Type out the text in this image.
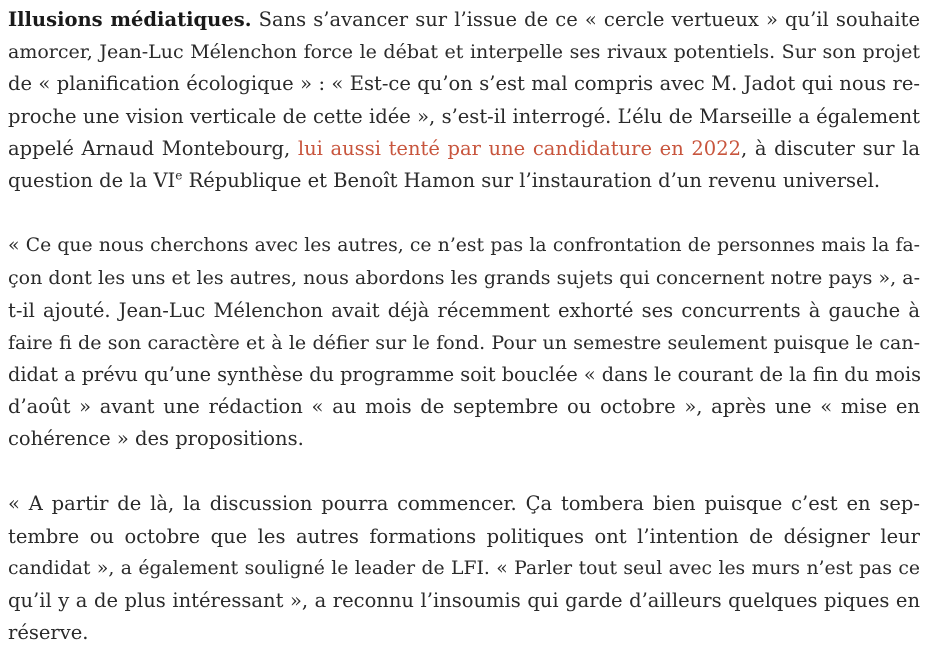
Illusions médiatiques. Sans s’avancer sur l’issue de ce « cercle vertueux » qu’il souhaite
amorcer, Jean-Luc Mélenchon force le débat et interpelle ses rivaux potentiels. Sur son projet
de « planification écologique » : « Est-ce qu’on s’est mal compris avec M. Jadot qui nous re-
proche une vision verticale de cette idée », s’est-il interrogé. L’élu de Marseille a également
appelé Arnaud Montebourg, lui aussi tenté par une candidature en 2022, à discuter sur la
question de la VIe République et Benoît Hamon sur l’instauration d’un revenu universel.

« Ce que nous cherchons avec les autres, ce n’est pas la confrontation de personnes mais la fa-
çon dont les uns et les autres, nous abordons les grands sujets qui concernent notre pays », a-
t-il ajouté. Jean-Luc Mélenchon avait déjà récemment exhorté ses concurrents à gauche à
faire fi de son caractère et à le défier sur le fond. Pour un semestre seulement puisque le can-
didat a prévu qu’une synthèse du programme soit bouclée « dans le courant de la fin du mois
d’août » avant une rédaction « au mois de septembre ou octobre », après une « mise en
cohérence » des propositions.

« A partir de là, la discussion pourra commencer. Ça tombera bien puisque c’est en sep-
tembre ou octobre que les autres formations politiques ont l’intention de désigner leur
candidat », a également souligné le leader de LFI. « Parler tout seul avec les murs n’est pas ce
qu’il y a de plus intéressant », a reconnu l’insoumis qui garde d’ailleurs quelques piques en
réserve.
